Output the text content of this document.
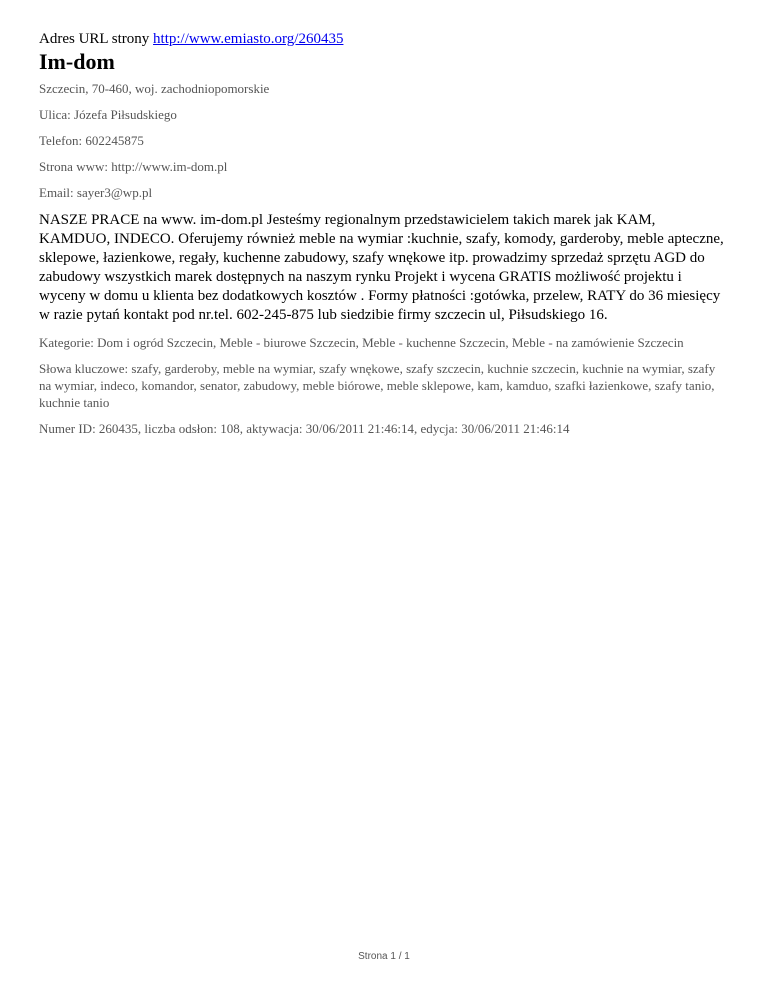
Adres URL strony http://www.emiasto.org/260435

Im-dom

Szczecin, 70-460, woj. zachodniopomorskie

Ulica: Józefa Piłsudskiego

Telefon: 602245875

Strona www: http://www.im-dom.pl

Email: sayer3@wp.pl

NASZE PRACE na www. im-dom.pl Jesteśmy regionalnym przedstawicielem takich marek jak KAM, KAMDUO, INDECO. Oferujemy również meble na wymiar :kuchnie, szafy, komody, garderoby, meble apteczne, sklepowe, łazienkowe, regały, kuchenne zabudowy, szafy wnękowe itp. prowadzimy sprzedaż sprzętu AGD do zabudowy wszystkich marek dostępnych na naszym rynku Projekt i wycena GRATIS możliwość projektu i wyceny w domu u klienta bez dodatkowych kosztów . Formy płatności :gotówka, przelew, RATY do 36 miesięcy w razie pytań kontakt pod nr.tel. 602-245-875 lub siedzibie firmy szczecin ul, Piłsudskiego 16.

Kategorie: Dom i ogród Szczecin, Meble - biurowe Szczecin, Meble - kuchenne Szczecin, Meble - na zamówienie Szczecin

Słowa kluczowe: szafy, garderoby, meble na wymiar, szafy wnękowe, szafy szczecin, kuchnie szczecin, kuchnie na wymiar, szafy na wymiar, indeco, komandor, senator, zabudowy, meble biórowe, meble sklepowe, kam, kamduo, szafki łazienkowe, szafy tanio, kuchnie tanio

Numer ID: 260435, liczba odsłon: 108, aktywacja: 30/06/2011 21:46:14, edycja: 30/06/2011 21:46:14

Strona 1 / 1
